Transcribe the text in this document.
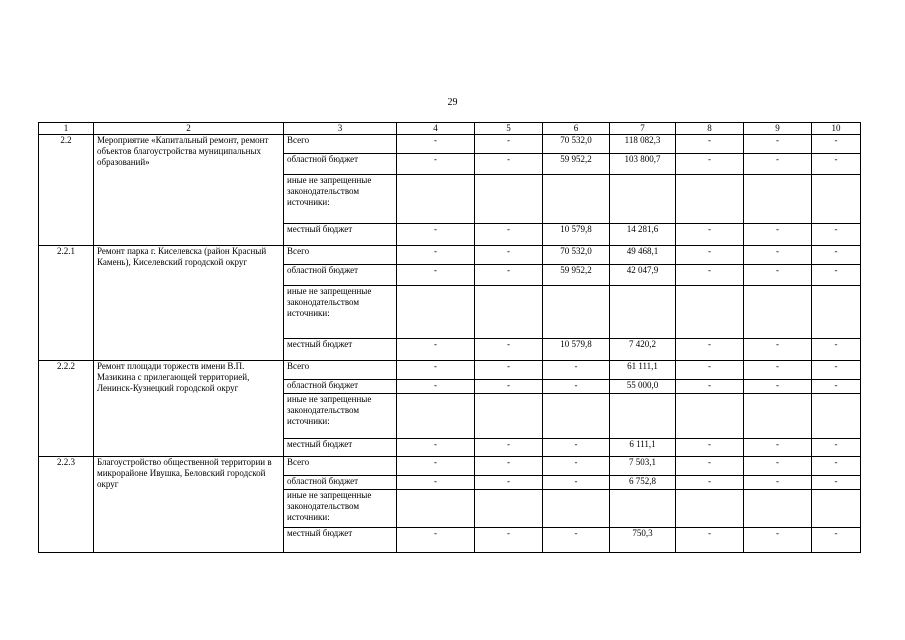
29
1	2	3	4	5	6	7	8	9	10
2.2	Мероприятие «Капитальный ремонт, ремонт объектов благоустройства муниципальных образований»	Всего	-	-	70 532,0	118 082,3	-	-	-
		областной бюджет	-	-	59 952,2	103 800,7	-	-	-
		иные не запрещенные законодательством источники:							
		местный бюджет	-	-	10 579,8	14 281,6	-	-	-
2.2.1	Ремонт парка г. Киселевска (район Красный Камень), Киселевский городской округ	Всего	-	-	70 532,0	49 468,1	-	-	-
		областной бюджет	-	-	59 952,2	42 047,9	-	-	-
		иные не запрещенные законодательством источники:							
		местный бюджет	-	-	10 579,8	7 420,2	-	-	-
2.2.2	Ремонт площади торжеств имени В.П. Мазикина с прилегающей территорией, Ленинск-Кузнецкий городской округ	Всего	-	-	-	61 111,1	-	-	-
		областной бюджет	-	-	-	55 000,0	-	-	-
		иные не запрещенные законодательством источники:							
		местный бюджет	-	-	-	6 111,1	-	-	-
2.2.3	Благоустройство общественной территории в микрорайоне Ивушка, Беловский городской округ	Всего	-	-	-	7 503,1	-	-	-
		областной бюджет	-	-	-	6 752,8	-	-	-
		иные не запрещенные законодательством источники:							
		местный бюджет	-	-	-	750,3	-	-	-
